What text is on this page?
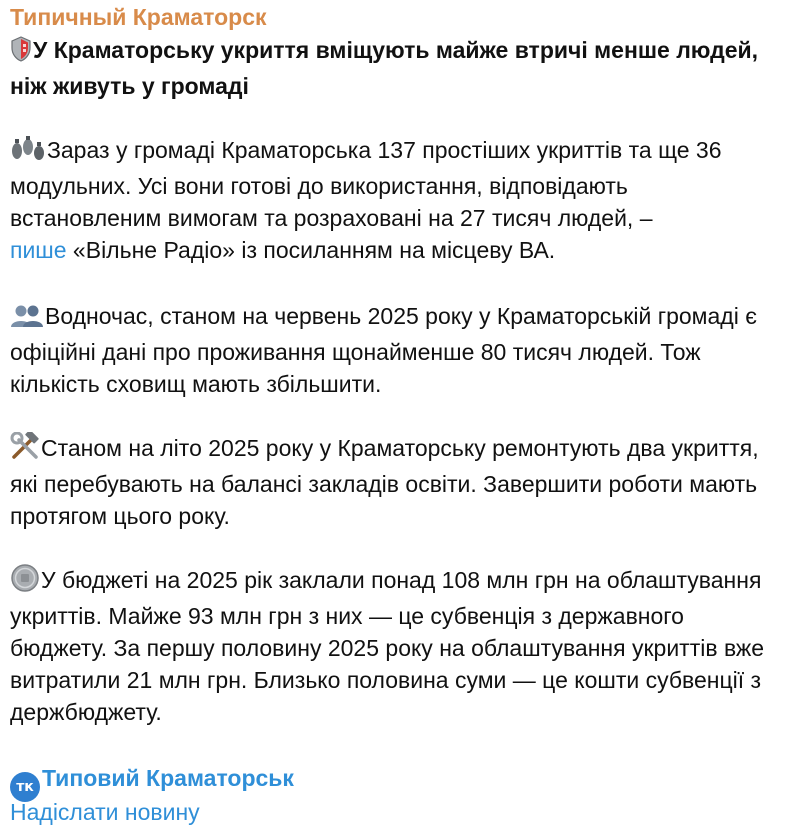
Типичный Краматорск
У Краматорську укриття вміщують майже втричі менше людей, ніж живуть у громаді
Зараз у громаді Краматорська 137 простіших укриттів та ще 36 модульних. Усі вони готові до використання, відповідають встановленим вимогам та розраховані на 27 тисяч людей, –
пише «Вільне Радіо» із посиланням на місцеву ВА.
Водночас, станом на червень 2025 року у Краматорській громаді є офіційні дані про проживання щонайменше 80 тисяч людей. Тож кількість сховищ мають збільшити.
Станом на літо 2025 року у Краматорську ремонтують два укриття, які перебувають на балансі закладів освіти. Завершити роботи мають протягом цього року.
У бюджеті на 2025 рік заклали понад 108 млн грн на облаштування укриттів. Майже 93 млн грн з них — це субвенція з державного бюджету. За першу половину 2025 року на облаштування укриттів вже витратили 21 млн грн. Близько половина суми — це кошти субвенції з держбюджету.
тк Типовий Краматорськ
Надіслати новину
